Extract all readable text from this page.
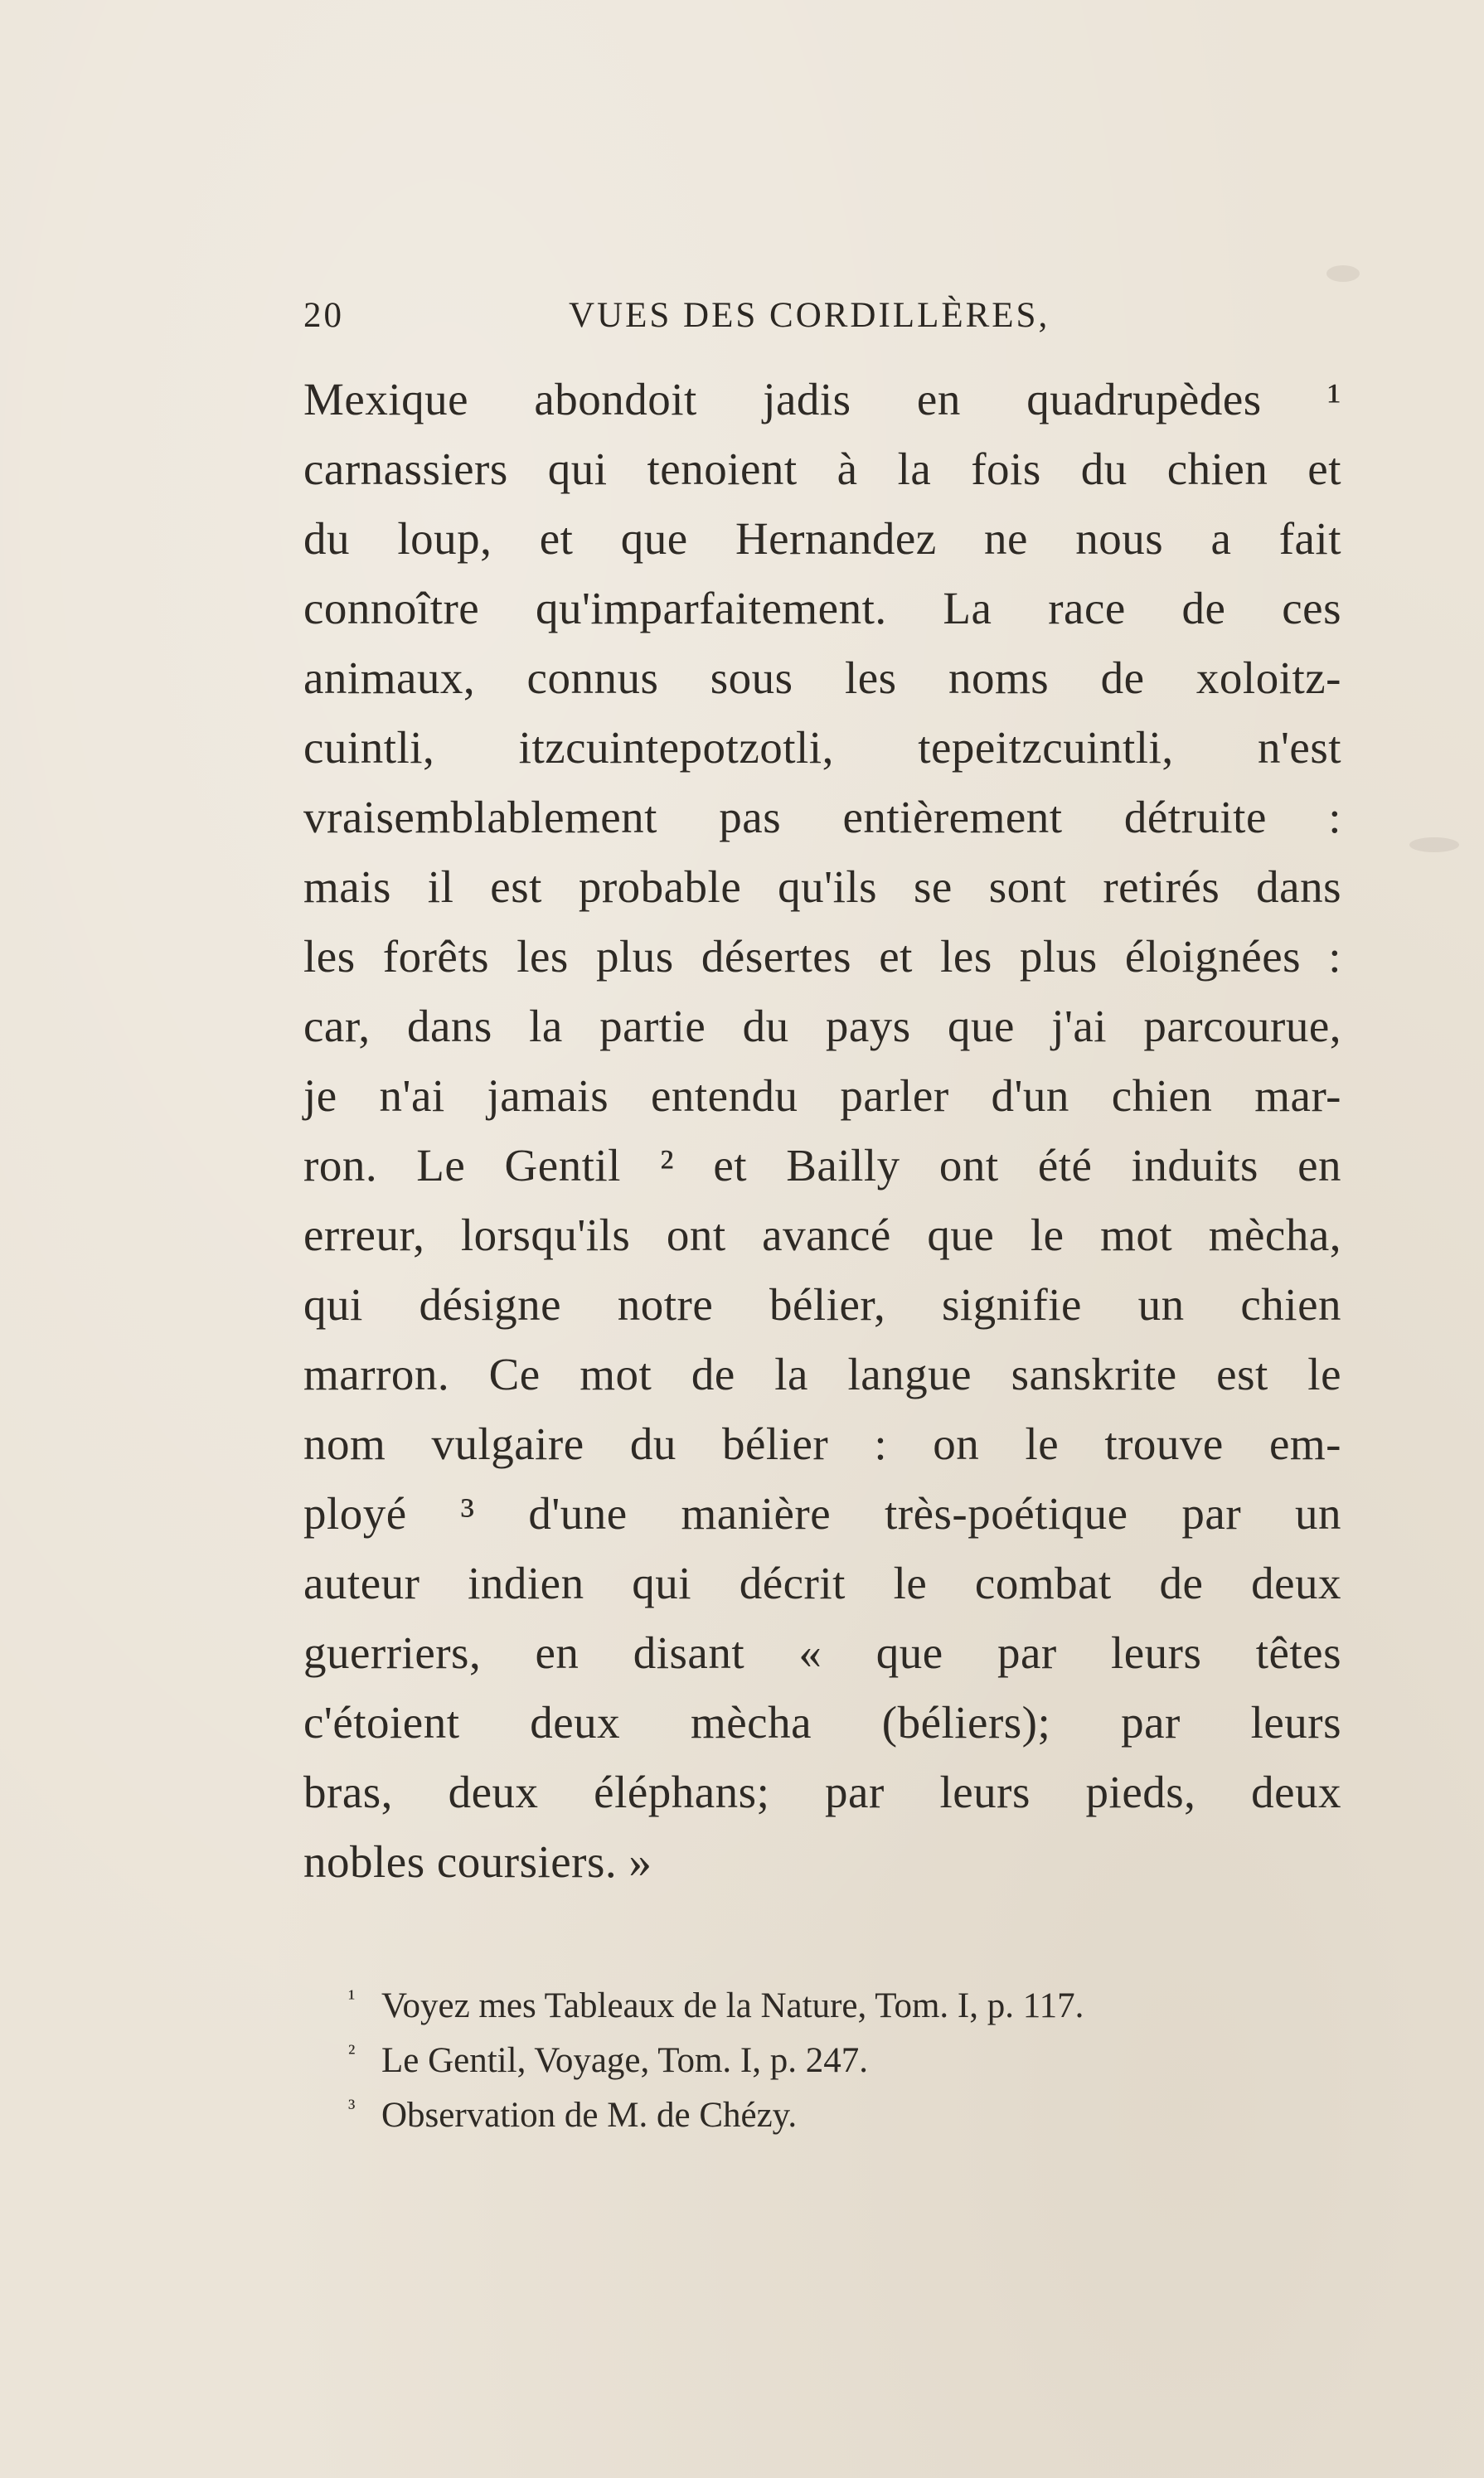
20	VUES DES CORDILLÈRES,
Mexique abondoit jadis en quadrupèdes ¹
carnassiers qui tenoient à la fois du chien et
du loup, et que Hernandez ne nous a fait
connoître qu'imparfaitement. La race de ces
animaux, connus sous les noms de xoloitz-
cuintli, itzcuintepotzotli, tepeitzcuintli, n'est
vraisemblablement pas entièrement détruite :
mais il est probable qu'ils se sont retirés dans
les forêts les plus désertes et les plus éloignées :
car, dans la partie du pays que j'ai parcourue,
je n'ai jamais entendu parler d'un chien mar-
ron. Le Gentil ² et Bailly ont été induits en
erreur, lorsqu'ils ont avancé que le mot mècha,
qui désigne notre bélier, signifie un chien
marron. Ce mot de la langue sanskrite est le
nom vulgaire du bélier : on le trouve em-
ployé ³ d'une manière très-poétique par un
auteur indien qui décrit le combat de deux
guerriers, en disant « que par leurs têtes
c'étoient deux mècha (béliers); par leurs
bras, deux éléphans; par leurs pieds, deux
nobles coursiers. »
¹ Voyez mes Tableaux de la Nature, Tom. I, p. 117.
² Le Gentil, Voyage, Tom. I, p. 247.
³ Observation de M. de Chézy.
